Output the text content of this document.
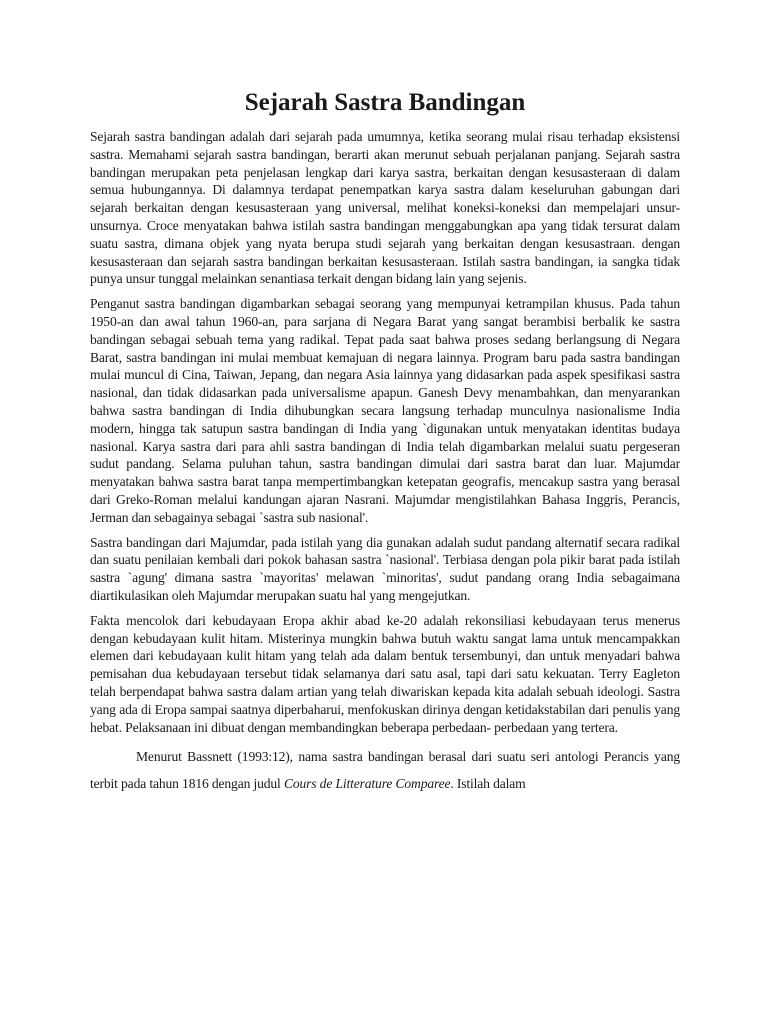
Sejarah Sastra Bandingan

Sejarah sastra bandingan adalah dari sejarah pada umumnya, ketika seorang mulai risau terhadap eksistensi sastra. Memahami sejarah sastra bandingan, berarti akan merunut sebuah perjalanan panjang. Sejarah sastra bandingan merupakan peta penjelasan lengkap dari karya sastra, berkaitan dengan kesusasteraan di dalam semua hubungannya. Di dalamnya terdapat penempatkan karya sastra dalam keseluruhan gabungan dari sejarah berkaitan dengan kesusasteraan yang universal, melihat koneksi-koneksi dan mempelajari unsur-unsurnya. Croce menyatakan bahwa istilah sastra bandingan menggabungkan apa yang tidak tersurat dalam suatu sastra, dimana objek yang nyata berupa studi sejarah yang berkaitan dengan kesusastraan. dengan kesusasteraan dan sejarah sastra bandingan berkaitan kesusasteraan. Istilah sastra bandingan, ia sangka tidak punya unsur tunggal melainkan senantiasa terkait dengan bidang lain yang sejenis.

Penganut sastra bandingan digambarkan sebagai seorang yang mempunyai ketrampilan khusus. Pada tahun 1950-an dan awal tahun 1960-an, para sarjana di Negara Barat yang sangat berambisi berbalik ke sastra bandingan sebagai sebuah tema yang radikal. Tepat pada saat bahwa proses sedang berlangsung di Negara Barat, sastra bandingan ini mulai membuat kemajuan di negara lainnya. Program baru pada sastra bandingan mulai muncul di Cina, Taiwan, Jepang, dan negara Asia lainnya yang didasarkan pada aspek spesifikasi sastra nasional, dan tidak didasarkan pada universalisme apapun. Ganesh Devy menambahkan, dan menyarankan bahwa sastra bandingan di India dihubungkan secara langsung terhadap munculnya nasionalisme India modern, hingga tak satupun sastra bandingan di India yang `digunakan untuk menyatakan identitas budaya nasional. Karya sastra dari para ahli sastra bandingan di India telah digambarkan melalui suatu pergeseran sudut pandang. Selama puluhan tahun, sastra bandingan dimulai dari sastra barat dan luar. Majumdar menyatakan bahwa sastra barat tanpa mempertimbangkan ketepatan geografis, mencakup sastra yang berasal dari Greko-Roman melalui kandungan ajaran Nasrani. Majumdar mengistilahkan Bahasa Inggris, Perancis, Jerman dan sebagainya sebagai `sastra sub nasional'.

Sastra bandingan dari Majumdar, pada istilah yang dia gunakan adalah sudut pandang alternatif secara radikal dan suatu penilaian kembali dari pokok bahasan sastra `nasional'. Terbiasa dengan pola pikir barat pada istilah sastra `agung' dimana sastra `mayoritas' melawan `minoritas', sudut pandang orang India sebagaimana diartikulasikan oleh Majumdar merupakan suatu hal yang mengejutkan.

Fakta mencolok dari kebudayaan Eropa akhir abad ke-20 adalah rekonsiliasi kebudayaan terus menerus dengan kebudayaan kulit hitam. Misterinya mungkin bahwa butuh waktu sangat lama untuk mencampakkan elemen dari kebudayaan kulit hitam yang telah ada dalam bentuk tersembunyi, dan untuk menyadari bahwa pemisahan dua kebudayaan tersebut tidak selamanya dari satu asal, tapi dari satu kekuatan. Terry Eagleton telah berpendapat bahwa sastra dalam artian yang telah diwariskan kepada kita adalah sebuah ideologi. Sastra yang ada di Eropa sampai saatnya diperbaharui, menfokuskan dirinya dengan ketidakstabilan dari penulis yang hebat. Pelaksanaan ini dibuat dengan membandingkan beberapa perbedaan- perbedaan yang tertera.

Menurut Bassnett (1993:12), nama sastra bandingan berasal dari suatu seri antologi Perancis yang terbit pada tahun 1816 dengan judul Cours de Litterature Comparee. Istilah dalam
